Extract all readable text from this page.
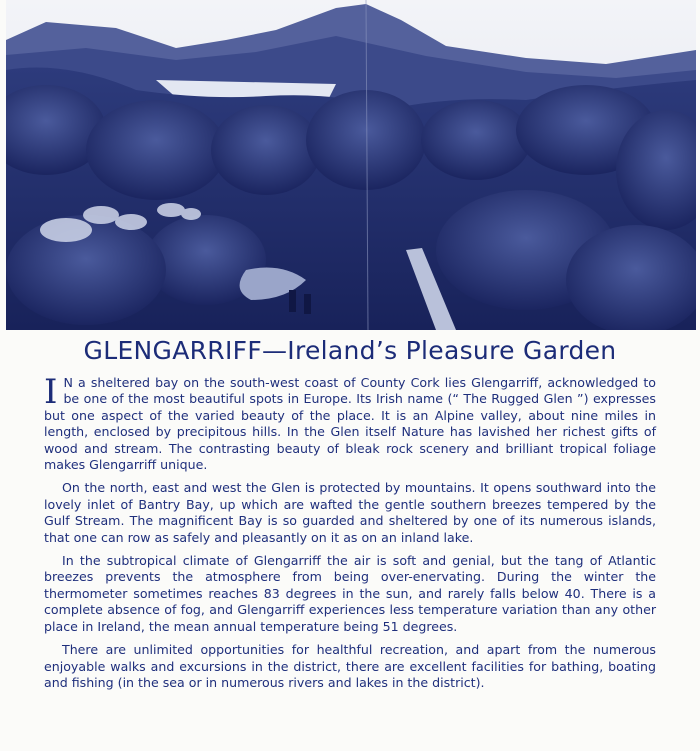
GLENGARRIFF—Ireland’s Pleasure Garden

I N a sheltered bay on the south-west coast of County Cork lies Glengarriff, acknowledged to be one of the most beautiful spots in Europe. Its Irish name (“ The Rugged Glen ”) expresses but one aspect of the varied beauty of the place. It is an Alpine valley, about nine miles in length, enclosed by precipitous hills. In the Glen itself Nature has lavished her richest gifts of wood and stream. The contrasting beauty of bleak rock scenery and brilliant tropical foliage makes Glengarriff unique.

On the north, east and west the Glen is protected by mountains. It opens southward into the lovely inlet of Bantry Bay, up which are wafted the gentle southern breezes tempered by the Gulf Stream. The magnificent Bay is so guarded and sheltered by one of its numerous islands, that one can row as safely and pleasantly on it as on an inland lake.

In the subtropical climate of Glengarriff the air is soft and genial, but the tang of Atlantic breezes prevents the atmosphere from being over-enervating. During the winter the thermometer sometimes reaches 83 degrees in the sun, and rarely falls below 40. There is a complete absence of fog, and Glengarriff experiences less temperature variation than any other place in Ireland, the mean annual temperature being 51 degrees.

There are unlimited opportunities for healthful recreation, and apart from the numerous enjoyable walks and excursions in the district, there are excellent facilities for bathing, boating and fishing (in the sea or in numerous rivers and lakes in the district).
